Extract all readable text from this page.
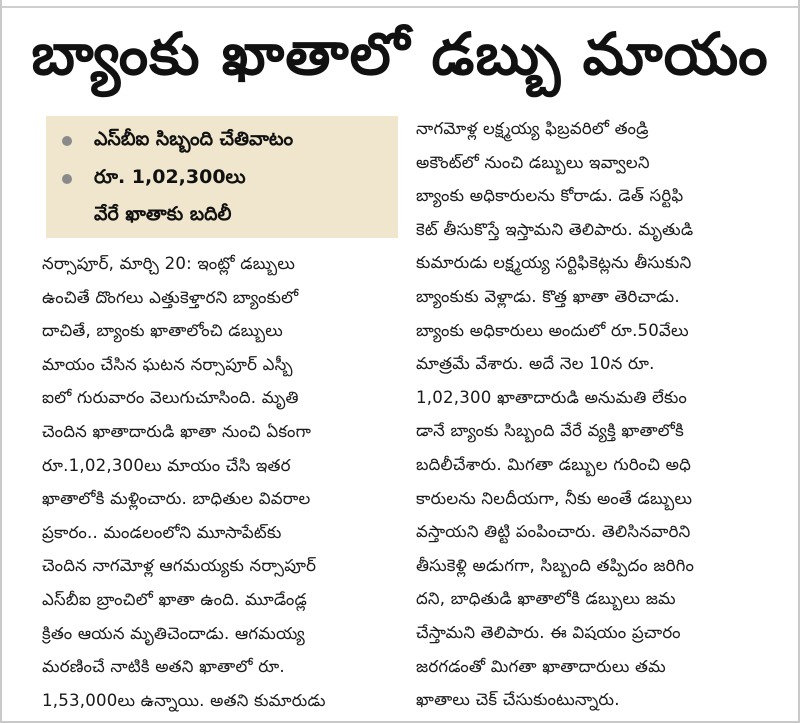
బ్యాంకు ఖాతాలో డబ్బు మాయం
ఎస్‌బీఐ సిబ్బంది చేతివాటం
రూ. 1,02,300లు
వేరే ఖాతాకు బదిలీ
నర్సాపూర్, మార్చి 20: ఇంట్లో డబ్బులు
ఉంచితే దొంగలు ఎత్తుకెళ్తారని బ్యాంకులో
దాచితే, బ్యాంకు ఖాతాలోంచి డబ్బులు
మాయం చేసిన ఘటన నర్సాపూర్ ఎస్బీ
ఐలో గురువారం వెలుగుచూసింది. మృతి
చెందిన ఖాతాదారుడి ఖాతా నుంచి ఏకంగా
రూ.1,02,300లు మాయం చేసి ఇతర
ఖాతాలోకి మళ్లించారు. బాధితుల వివరాల
ప్రకారం.. మండలంలోని మూసాపేట్‌కు
చెందిన నాగమోళ్ల ఆగమయ్యకు నర్సాపూర్
ఎస్‌బీఐ బ్రాంచిలో ఖాతా ఉంది. మూడేండ్ల
క్రితం ఆయన మృతిచెందాడు. ఆగమయ్య
మరణించే నాటికి అతని ఖాతాలో రూ.
1,53,000లు ఉన్నాయి. అతని కుమారుడు
నాగమోళ్ల లక్ష్మయ్య ఫిబ్రవరిలో తండ్రి
అకౌంట్‌లో నుంచి డబ్బులు ఇవ్వాలని
బ్యాంకు అధికారులను కోరాడు. డెత్ సర్టిఫి
కెట్ తీసుకొస్తే ఇస్తామని తెలిపారు. మృతుడి
కుమారుడు లక్ష్మయ్య సర్టిఫికెట్లను తీసుకుని
బ్యాంకుకు వెళ్లాడు. కొత్త ఖాతా తెరిచాడు.
బ్యాంకు అధికారులు అందులో రూ.50వేలు
మాత్రమే వేశారు. అదే నెల 10న రూ.
1,02,300 ఖాతాదారుడి అనుమతి లేకుం
డానే బ్యాంకు సిబ్బంది వేరే వ్యక్తి ఖాతాలోకి
బదిలీచేశారు. మిగతా డబ్బుల గురించి అధి
కారులను నిలదీయగా, నీకు అంతే డబ్బులు
వస్తాయని తిట్టి పంపించారు. తెలిసినవారిని
తీసుకెళ్లి అడుగగా, సిబ్బంది తప్పిదం జరిగిం
దని, బాధితుడి ఖాతాలోకి డబ్బులు జమ
చేస్తామని తెలిపారు. ఈ విషయం ప్రచారం
జరగడంతో మిగతా ఖాతాదారులు తమ
ఖాతాలు చెక్ చేసుకుంటున్నారు.
